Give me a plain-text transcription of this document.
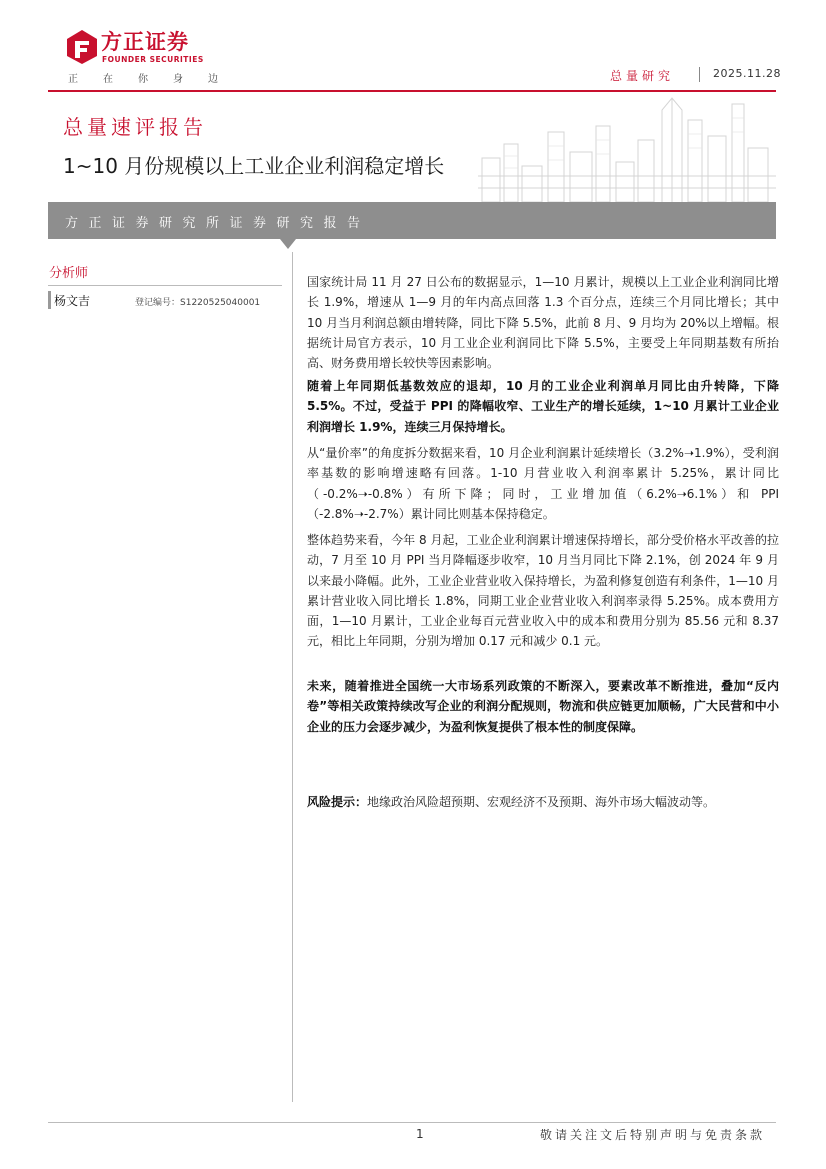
方正证券
FOUNDER SECURITIES
正在你身边	总量研究	2025.11.28
总量速评报告
1~10 月份规模以上工业企业利润稳定增长
方正证券研究所证券研究报告
分析师
杨文吉	登记编号：S1220525040001

国家统计局 11 月 27 日公布的数据显示，1—10 月累计，规模以上工业企业利润同比增长 1.9%，增速从 1—9 月的年内高点回落 1.3 个百分点，连续三个月同比增长；其中 10 月当月利润总额由增转降，同比下降 5.5%，此前 8 月、9 月均为 20%以上增幅。根据统计局官方表示，10 月工业企业利润同比下降 5.5%，主要受上年同期基数有所抬高、财务费用增长较快等因素影响。

随着上年同期低基数效应的退却，10 月的工业企业利润单月同比由升转降，下降 5.5%。不过，受益于 PPI 的降幅收窄、工业生产的增长延续，1~10 月累计工业企业利润增长 1.9%，连续三月保持增长。

从“量价率”的角度拆分数据来看，10 月企业利润累计延续增长（3.2%➝1.9%），受利润率基数的影响增速略有回落。1-10 月营业收入利润率累计 5.25%，累计同比（-0.2%➝-0.8%）有所下降；同时，工业增加值（6.2%➝6.1%）和 PPI（-2.8%➝-2.7%）累计同比则基本保持稳定。

整体趋势来看，今年 8 月起，工业企业利润累计增速保持增长，部分受价格水平改善的拉动，7 月至 10 月 PPI 当月降幅逐步收窄，10 月当月同比下降 2.1%，创 2024 年 9 月以来最小降幅。此外，工业企业营业收入保持增长，为盈利修复创造有利条件，1—10 月累计营业收入同比增长 1.8%，同期工业企业营业收入利润率录得 5.25%。成本费用方面，1—10 月累计，工业企业每百元营业收入中的成本和费用分别为 85.56 元和 8.37 元，相比上年同期，分别为增加 0.17 元和减少 0.1 元。

未来，随着推进全国统一大市场系列政策的不断深入，要素改革不断推进，叠加“反内卷”等相关政策持续改写企业的利润分配规则，物流和供应链更加顺畅，广大民营和中小企业的压力会逐步减少，为盈利恢复提供了根本性的制度保障。

风险提示：地缘政治风险超预期、宏观经济不及预期、海外市场大幅波动等。

1	敬请关注文后特别声明与免责条款
